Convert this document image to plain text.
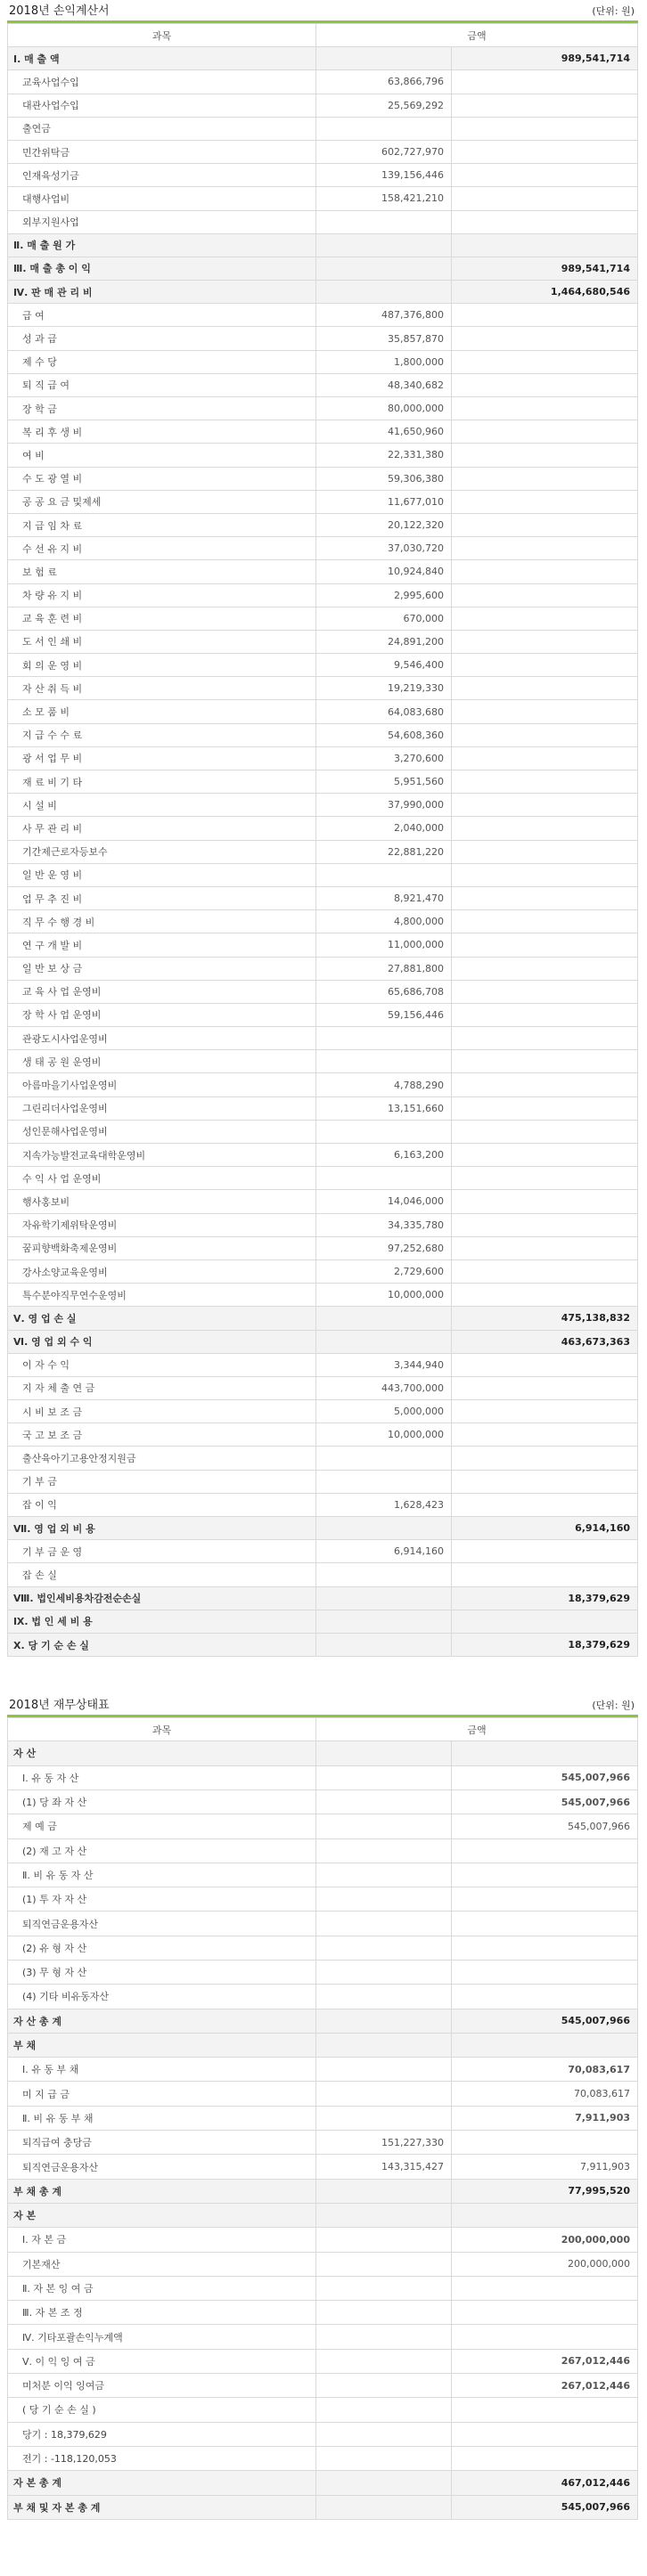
2018년 손익계산서	(단위: 원)
과목	금액	
Ⅰ. 매 출 액		989,541,714
교육사업수입	63,866,796	
대관사업수입	25,569,292	
출연금		
민간위탁금	602,727,970	
인재육성기금	139,156,446	
대행사업비	158,421,210	
외부지원사업		
Ⅱ. 매 출 원 가		
Ⅲ. 매 출 총 이 익		989,541,714
Ⅳ. 판 매 관 리 비		1,464,680,546
급 여	487,376,800	
성 과 급	35,857,870	
제 수 당	1,800,000	
퇴 직 급 여	48,340,682	
장 학 금	80,000,000	
복 리 후 생 비	41,650,960	
여 비	22,331,380	
수 도 광 열 비	59,306,380	
공 공 요 금 및제세	11,677,010	
지 급 임 차 료	20,122,320	
수 선 유 지 비	37,030,720	
보 험 료	10,924,840	
차 량 유 지 비	2,995,600	
교 육 훈 련 비	670,000	
도 서 인 쇄 비	24,891,200	
회 의 운 영 비	9,546,400	
자 산 취 득 비	19,219,330	
소 모 품 비	64,083,680	
지 급 수 수 료	54,608,360	
광 서 업 무 비	3,270,600	
재 료 비 기 타	5,951,560	
시 설 비	37,990,000	
사 무 관 리 비	2,040,000	
기간제근로자등보수	22,881,220	
일 반 운 영 비		
업 무 추 진 비	8,921,470	
직 무 수 행 경 비	4,800,000	
연 구 개 발 비	11,000,000	
일 반 보 상 금	27,881,800	
교 육 사 업 운영비	65,686,708	
장 학 사 업 운영비	59,156,446	
관광도시사업운영비		
생 태 공 원 운영비		
아름마을기사업운영비	4,788,290	
그린리더사업운영비	13,151,660	
성인문해사업운영비		
지속가능발전교육대학운영비	6,163,200	
수 익 사 업 운영비		
행사홍보비	14,046,000	
자유학기제위탁운영비	34,335,780	
꿈피향백화축제운영비	97,252,680	
강사소양교육운영비	2,729,600	
특수분야직무연수운영비	10,000,000	
Ⅴ. 영 업 손 실		475,138,832
Ⅵ. 영 업 외 수 익		463,673,363
이 자 수 익	3,344,940	
지 자 체 출 연 금	443,700,000	
시 비 보 조 금	5,000,000	
국 고 보 조 금	10,000,000	
출산육아기고용안정지원금		
기 부 금		
잡 이 익	1,628,423	
Ⅶ. 영 업 외 비 용		6,914,160
기 부 금 운 영	6,914,160	
잡 손 실		
Ⅷ. 법인세비용차감전순손실		18,379,629
Ⅸ. 법 인 세 비 용		
Ⅹ. 당 기 순 손 실		18,379,629
2018년 재무상태표	(단위: 원)
과목	금액	
자 산		
Ⅰ. 유 동 자 산		545,007,966
(1) 당 좌 자 산		545,007,966
제 예 금		545,007,966
(2) 재 고 자 산		
Ⅱ. 비 유 동 자 산		
(1) 투 자 자 산		
퇴직연금운용자산		
(2) 유 형 자 산		
(3) 무 형 자 산		
(4) 기타 비유동자산		
자 산 총 계		545,007,966
부 채		
Ⅰ. 유 동 부 채		70,083,617
미 지 급 금		70,083,617
Ⅱ. 비 유 동 부 채		7,911,903
퇴직급여 충당금	151,227,330	
퇴직연금운용자산	143,315,427	7,911,903
부 채 총 계		77,995,520
자 본		
Ⅰ. 자 본 금		200,000,000
기본재산		200,000,000
Ⅱ. 자 본 잉 여 금		
Ⅲ. 자 본 조 정		
Ⅳ. 기타포괄손익누계액		
Ⅴ. 이 익 잉 여 금		267,012,446
미처분 이익 잉여금		267,012,446
( 당 기 순 손 실 )		
당기 : 18,379,629		
전기 : -118,120,053		
자 본 총 계		467,012,446
부 채 및 자 본 총 계		545,007,966
